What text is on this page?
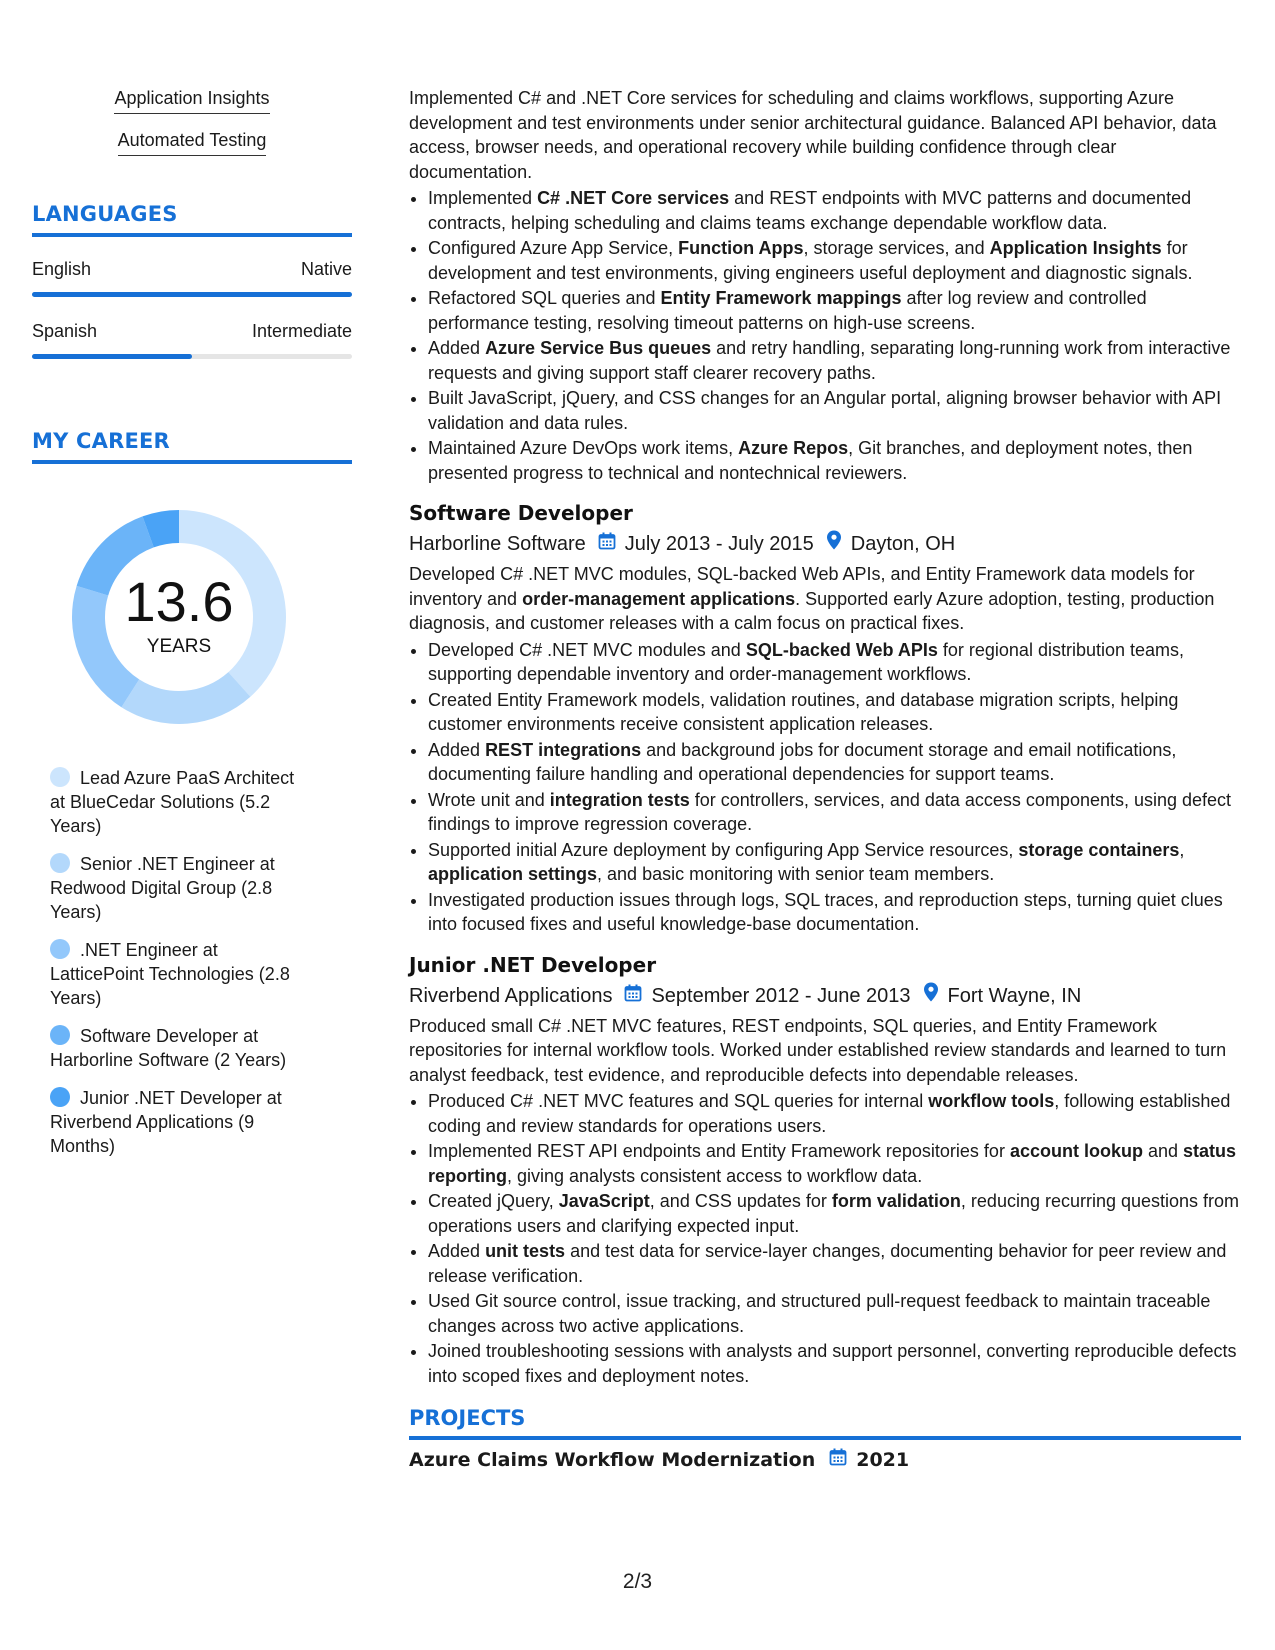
Application Insights
Automated Testing
LANGUAGES
English	Native
Spanish	Intermediate
MY CAREER
13.6
YEARS
Lead Azure PaaS Architect at BlueCedar Solutions (5.2 Years)
Senior .NET Engineer at Redwood Digital Group (2.8 Years)
.NET Engineer at LatticePoint Technologies (2.8 Years)
Software Developer at Harborline Software (2 Years)
Junior .NET Developer at Riverbend Applications (9 Months)

Implemented C# and .NET Core services for scheduling and claims workflows, supporting Azure development and test environments under senior architectural guidance. Balanced API behavior, data access, browser needs, and operational recovery while building confidence through clear documentation.

• Implemented C# .NET Core services and REST endpoints with MVC patterns and documented contracts, helping scheduling and claims teams exchange dependable workflow data.
• Configured Azure App Service, Function Apps, storage services, and Application Insights for development and test environments, giving engineers useful deployment and diagnostic signals.
• Refactored SQL queries and Entity Framework mappings after log review and controlled performance testing, resolving timeout patterns on high-use screens.
• Added Azure Service Bus queues and retry handling, separating long-running work from interactive requests and giving support staff clearer recovery paths.
• Built JavaScript, jQuery, and CSS changes for an Angular portal, aligning browser behavior with API validation and data rules.
• Maintained Azure DevOps work items, Azure Repos, Git branches, and deployment notes, then presented progress to technical and nontechnical reviewers.
Software Developer
Harborline Software July 2013 - July 2015 Dayton, OH

Developed C# .NET MVC modules, SQL-backed Web APIs, and Entity Framework data models for inventory and order-management applications. Supported early Azure adoption, testing, production diagnosis, and customer releases with a calm focus on practical fixes.

• Developed C# .NET MVC modules and SQL-backed Web APIs for regional distribution teams, supporting dependable inventory and order-management workflows.
• Created Entity Framework models, validation routines, and database migration scripts, helping customer environments receive consistent application releases.
• Added REST integrations and background jobs for document storage and email notifications, documenting failure handling and operational dependencies for support teams.
• Wrote unit and integration tests for controllers, services, and data access components, using defect findings to improve regression coverage.
• Supported initial Azure deployment by configuring App Service resources, storage containers, application settings, and basic monitoring with senior team members.
• Investigated production issues through logs, SQL traces, and reproduction steps, turning quiet clues into focused fixes and useful knowledge-base documentation.
Junior .NET Developer
Riverbend Applications September 2012 - June 2013 Fort Wayne, IN

Produced small C# .NET MVC features, REST endpoints, SQL queries, and Entity Framework repositories for internal workflow tools. Worked under established review standards and learned to turn analyst feedback, test evidence, and reproducible defects into dependable releases.

• Produced C# .NET MVC features and SQL queries for internal workflow tools, following established coding and review standards for operations users.
• Implemented REST API endpoints and Entity Framework repositories for account lookup and status reporting, giving analysts consistent access to workflow data.
• Created jQuery, JavaScript, and CSS updates for form validation, reducing recurring questions from operations users and clarifying expected input.
• Added unit tests and test data for service-layer changes, documenting behavior for peer review and release verification.
• Used Git source control, issue tracking, and structured pull-request feedback to maintain traceable changes across two active applications.
• Joined troubleshooting sessions with analysts and support personnel, converting reproducible defects into scoped fixes and deployment notes.
PROJECTS
Azure Claims Workflow Modernization 2021
2/3
